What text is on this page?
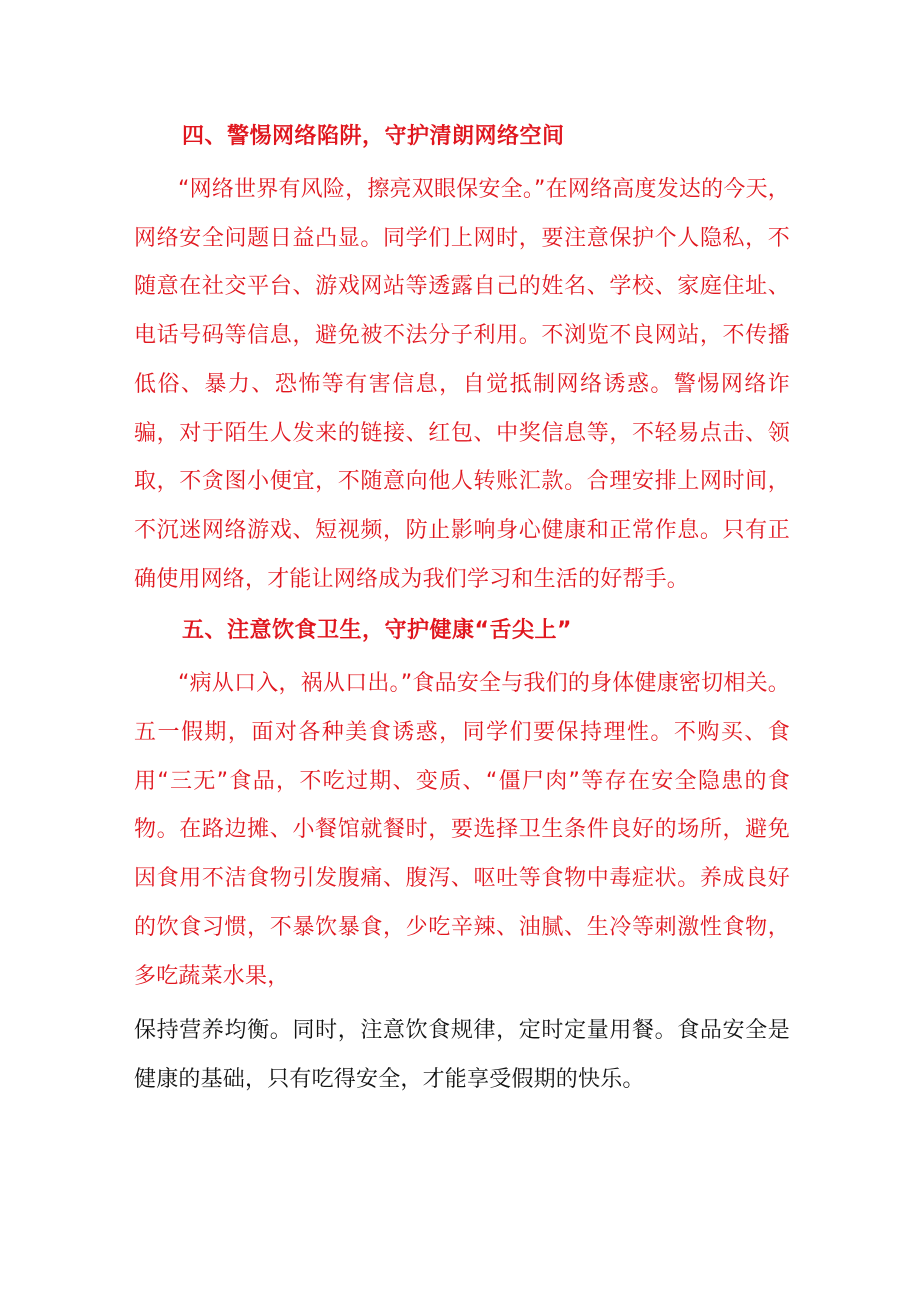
四、警惕网络陷阱，守护清朗网络空间

“网络世界有风险，擦亮双眼保安全。”在网络高度发达的今天，网络安全问题日益凸显。同学们上网时，要注意保护个人隐私，不随意在社交平台、游戏网站等透露自己的姓名、学校、家庭住址、电话号码等信息，避免被不法分子利用。不浏览不良网站，不传播低俗、暴力、恐怖等有害信息，自觉抵制网络诱惑。警惕网络诈骗，对于陌生人发来的链接、红包、中奖信息等，不轻易点击、领取，不贪图小便宜，不随意向他人转账汇款。合理安排上网时间，不沉迷网络游戏、短视频，防止影响身心健康和正常作息。只有正确使用网络，才能让网络成为我们学习和生活的好帮手。

五、注意饮食卫生，守护健康“舌尖上”

“病从口入，祸从口出。”食品安全与我们的身体健康密切相关。五一假期，面对各种美食诱惑，同学们要保持理性。不购买、食用“三无”食品，不吃过期、变质、“僵尸肉”等存在安全隐患的食物。在路边摊、小餐馆就餐时，要选择卫生条件良好的场所，避免因食用不洁食物引发腹痛、腹泻、呕吐等食物中毒症状。养成良好的饮食习惯，不暴饮暴食，少吃辛辣、油腻、生冷等刺激性食物，多吃蔬菜水果，

保持营养均衡。同时，注意饮食规律，定时定量用餐。食品安全是健康的基础，只有吃得安全，才能享受假期的快乐。
